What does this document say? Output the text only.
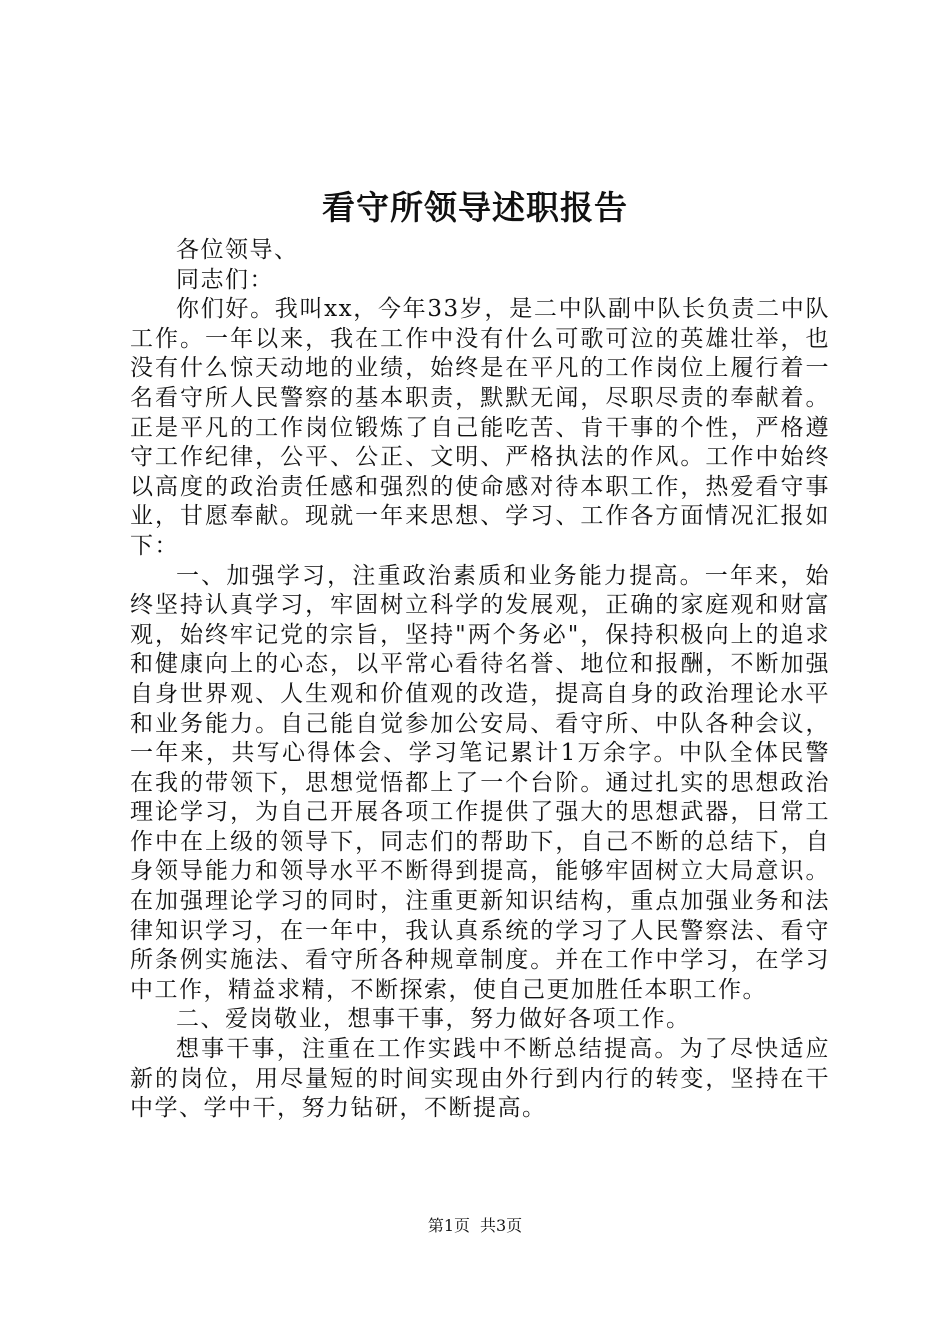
看守所领导述职报告

各位领导、

同志们：

你们好。我叫xx，今年33岁，是二中队副中队长负责二中队工作。一年以来，我在工作中没有什么可歌可泣的英雄壮举，也没有什么惊天动地的业绩，始终是在平凡的工作岗位上履行着一名看守所人民警察的基本职责，默默无闻，尽职尽责的奉献着。正是平凡的工作岗位锻炼了自己能吃苦、肯干事的个性，严格遵守工作纪律，公平、公正、文明、严格执法的作风。工作中始终以高度的政治责任感和强烈的使命感对待本职工作，热爱看守事业，甘愿奉献。现就一年来思想、学习、工作各方面情况汇报如下：

一、加强学习，注重政治素质和业务能力提高。一年来，始终坚持认真学习，牢固树立科学的发展观，正确的家庭观和财富观，始终牢记党的宗旨，坚持"两个务必"，保持积极向上的追求和健康向上的心态，以平常心看待名誉、地位和报酬，不断加强自身世界观、人生观和价值观的改造，提高自身的政治理论水平和业务能力。自己能自觉参加公安局、看守所、中队各种会议，一年来，共写心得体会、学习笔记累计1万余字。中队全体民警在我的带领下，思想觉悟都上了一个台阶。通过扎实的思想政治理论学习，为自己开展各项工作提供了强大的思想武器，日常工作中在上级的领导下，同志们的帮助下，自己不断的总结下，自身领导能力和领导水平不断得到提高，能够牢固树立大局意识。在加强理论学习的同时，注重更新知识结构，重点加强业务和法律知识学习，在一年中，我认真系统的学习了人民警察法、看守所条例实施法、看守所各种规章制度。并在工作中学习，在学习中工作，精益求精，不断探索，使自己更加胜任本职工作。

二、爱岗敬业，想事干事，努力做好各项工作。

想事干事，注重在工作实践中不断总结提高。为了尽快适应新的岗位，用尽量短的时间实现由外行到内行的转变，坚持在干中学、学中干，努力钻研，不断提高。

第1页 共3页
